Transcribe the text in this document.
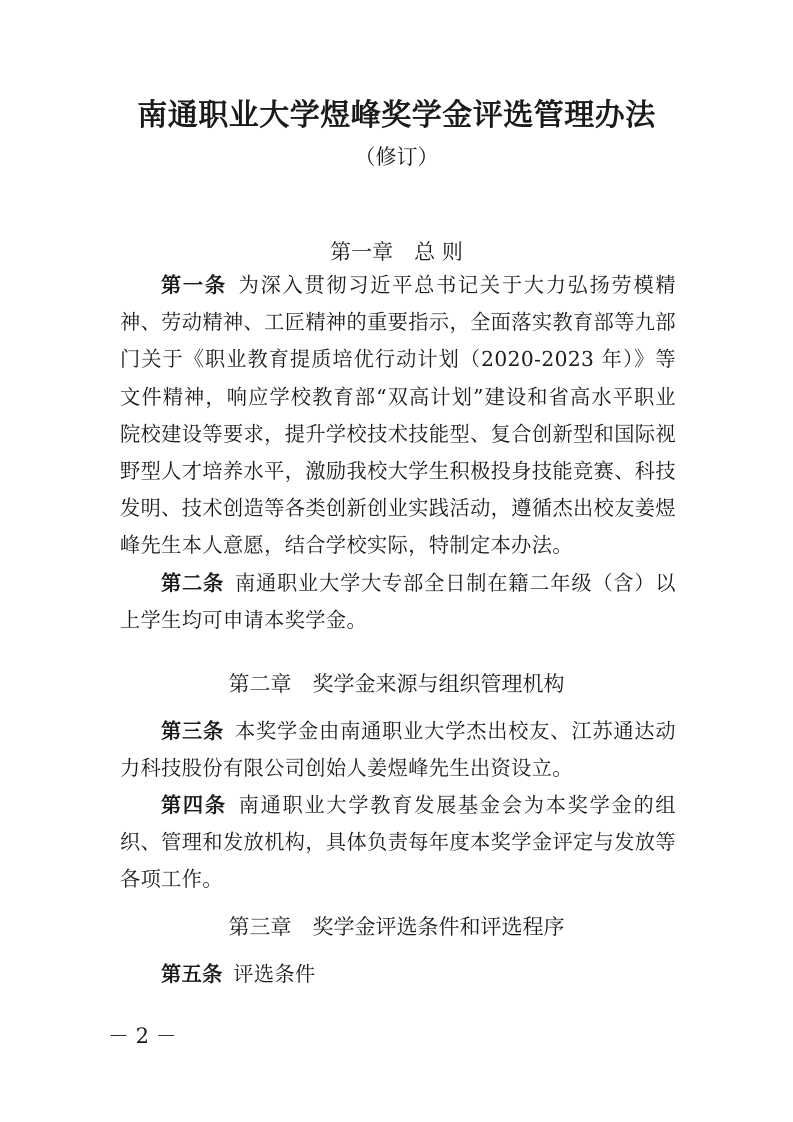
南通职业大学煜峰奖学金评选管理办法
（修订）
第一章　总 则

第一条  为深入贯彻习近平总书记关于大力弘扬劳模精神、劳动精神、工匠精神的重要指示，全面落实教育部等九部门关于《职业教育提质培优行动计划（2020-2023 年）》等文件精神，响应学校教育部“双高计划”建设和省高水平职业院校建设等要求，提升学校技术技能型、复合创新型和国际视野型人才培养水平，激励我校大学生积极投身技能竞赛、科技发明、技术创造等各类创新创业实践活动，遵循杰出校友姜煜峰先生本人意愿，结合学校实际，特制定本办法。

第二条  南通职业大学大专部全日制在籍二年级（含）以上学生均可申请本奖学金。

第二章　奖学金来源与组织管理机构

第三条  本奖学金由南通职业大学杰出校友、江苏通达动力科技股份有限公司创始人姜煜峰先生出资设立。

第四条  南通职业大学教育发展基金会为本奖学金的组织、管理和发放机构，具体负责每年度本奖学金评定与发放等各项工作。

第三章　奖学金评选条件和评选程序

第五条  评选条件

－ 2 －
